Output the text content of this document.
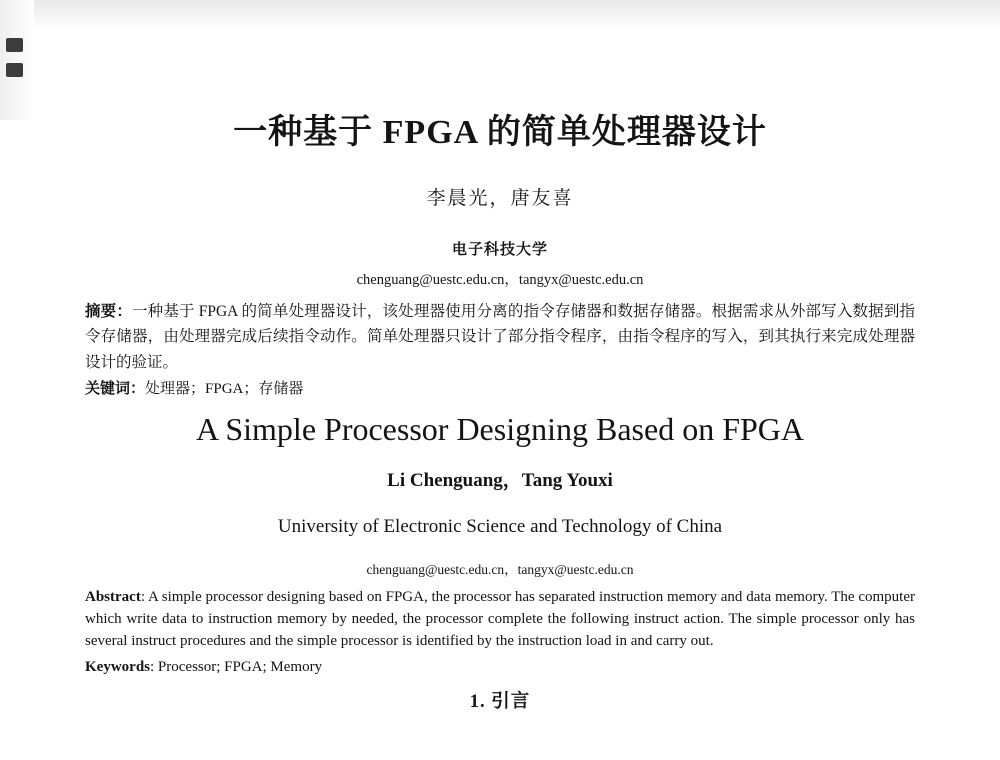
一种基于 FPGA 的简单处理器设计

李晨光，唐友喜

电子科技大学

chenguang@uestc.edu.cn，tangyx@uestc.edu.cn

摘要：一种基于 FPGA 的简单处理器设计，该处理器使用分离的指令存储器和数据存储器。根据需求从外部写入数据到指令存储器，由处理器完成后续指令动作。简单处理器只设计了部分指令程序，由指令程序的写入，到其执行来完成处理器设计的验证。

关键词：处理器；FPGA；存储器

A Simple Processor Designing Based on FPGA

Li Chenguang，Tang Youxi

University of Electronic Science and Technology of China

chenguang@uestc.edu.cn，tangyx@uestc.edu.cn

Abstract: A simple processor designing based on FPGA, the processor has separated instruction memory and data memory. The computer which write data to instruction memory by needed, the processor complete the following instruct action. The simple processor only has several instruct procedures and the simple processor is identified by the instruction load in and carry out.

Keywords: Processor; FPGA; Memory

1. 引言
